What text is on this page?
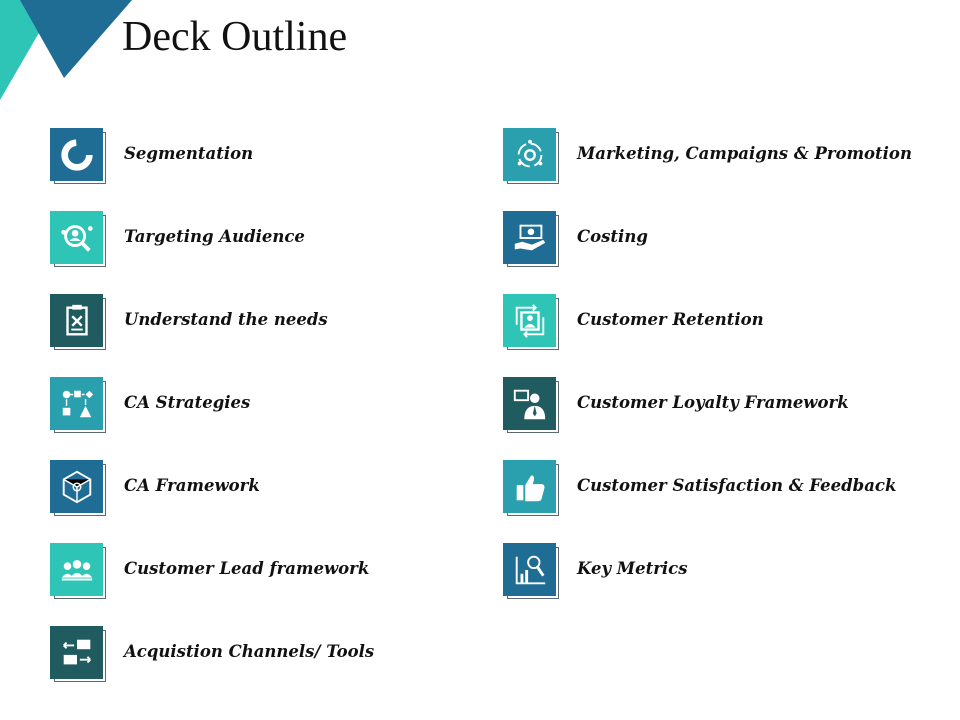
Deck Outline
Segmentation
Targeting Audience
Understand the needs
CA Strategies
CA Framework
Customer Lead framework
Acquistion Channels/ Tools
Marketing, Campaigns & Promotion
Costing
Customer Retention
Customer Loyalty Framework
Customer Satisfaction & Feedback
Key Metrics
